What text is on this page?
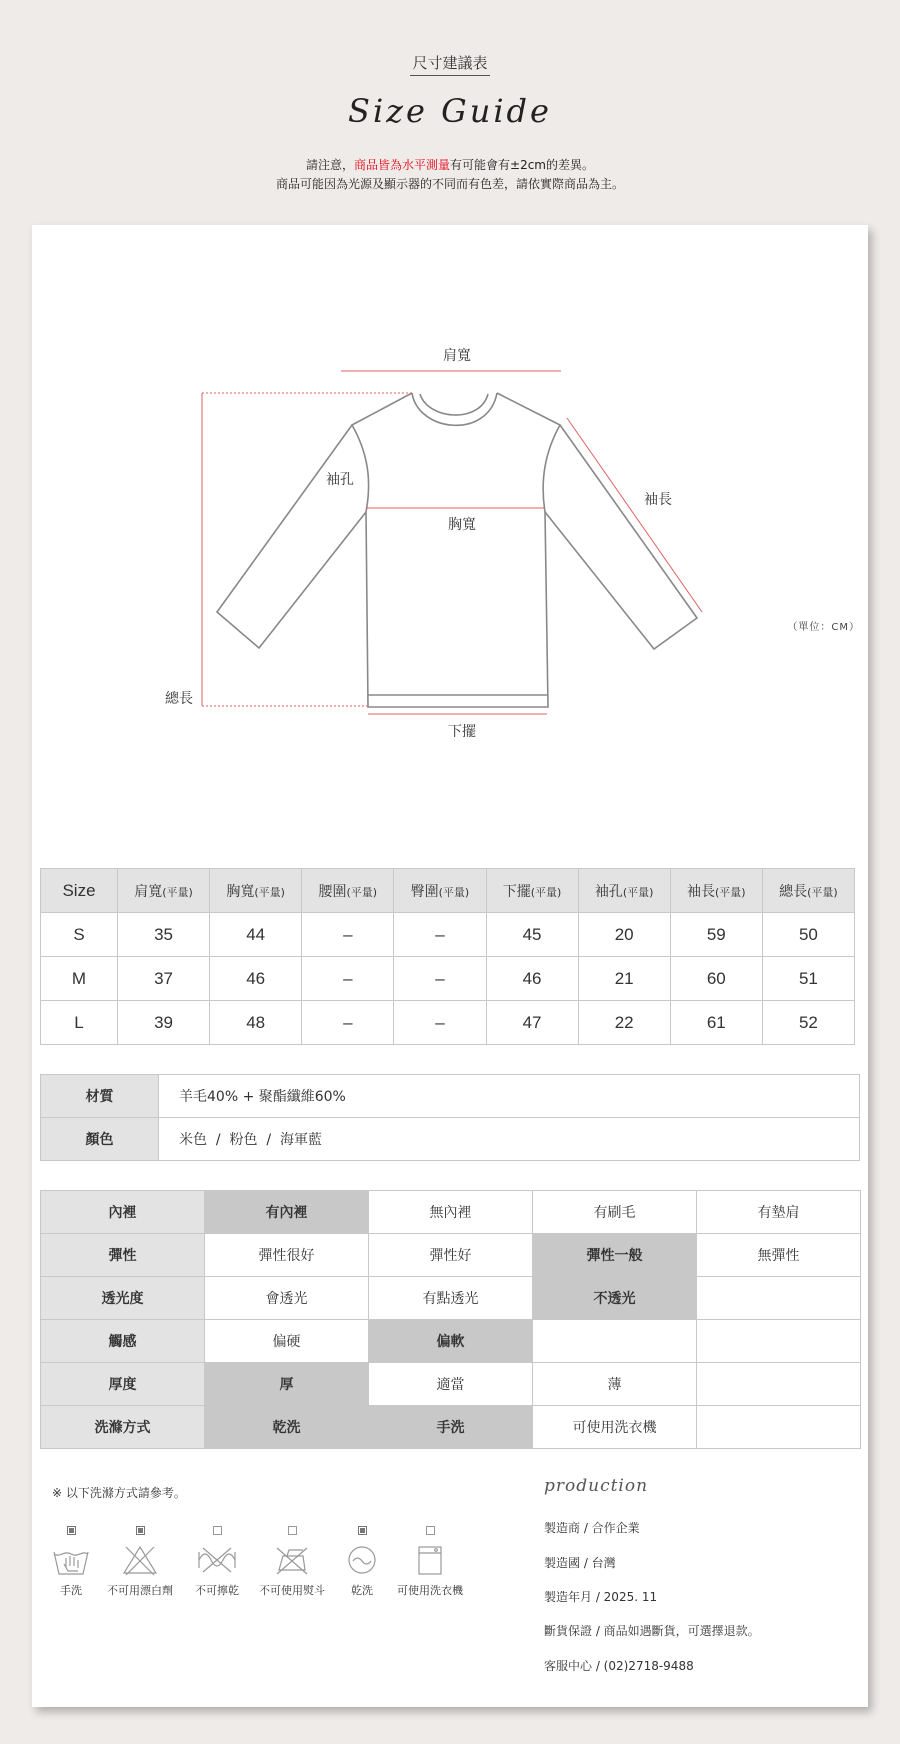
尺寸建議表
Size Guide
請注意，商品皆為水平測量有可能會有±2cm的差異。
商品可能因為光源及顯示器的不同而有色差，請依實際商品為主。
肩寬
袖孔
袖長
胸寬
總長
下擺
（單位：CM）
Size	肩寬(平量)	胸寬(平量)	腰圍(平量)	臀圍(平量)	下擺(平量)	袖孔(平量)	袖長(平量)	總長(平量)
S	35	44	–	–	45	20	59	50
M	37	46	–	–	46	21	60	51
L	39	48	–	–	47	22	61	52
材質	羊毛40% + 聚酯纖維60%
顏色	米色  /  粉色  /  海軍藍
內裡	有內裡	無內裡	有刷毛	有墊肩
彈性	彈性很好	彈性好	彈性一般	無彈性
透光度	會透光	有點透光	不透光	
觸感	偏硬	偏軟		
厚度	厚	適當	薄	
洗滌方式	乾洗	手洗	可使用洗衣機	
※ 以下洗滌方式請參考。
手洗	不可用漂白劑	不可擰乾	不可使用熨斗	乾洗	可使用洗衣機
production
製造商 / 合作企業
製造國 / 台灣
製造年月 / 2025. 11
斷貨保證 / 商品如遇斷貨，可選擇退款。
客服中心 / (02)2718-9488
